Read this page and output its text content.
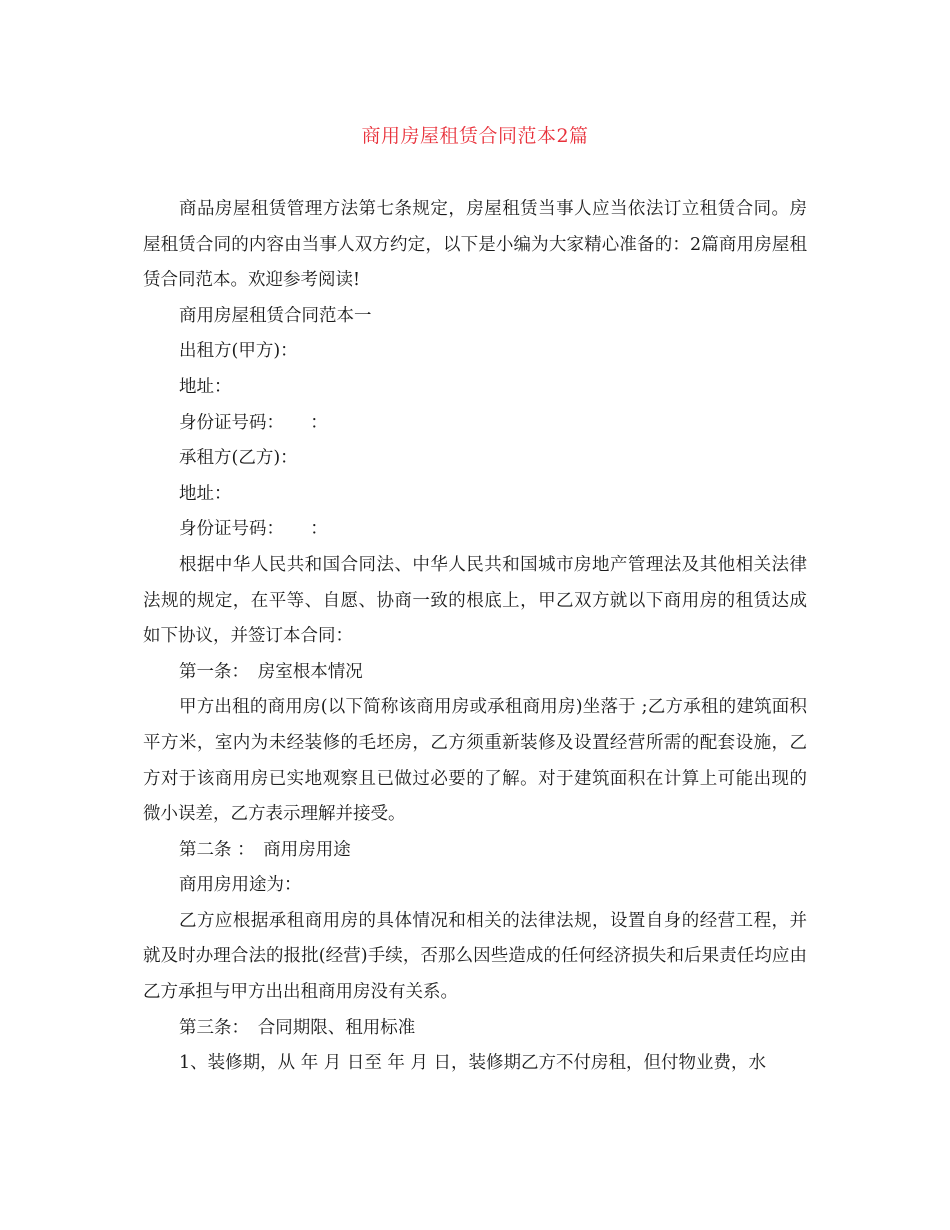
商用房屋租赁合同范本2篇

商品房屋租赁管理方法第七条规定，房屋租赁当事人应当依法订立租赁合同。房屋租赁合同的内容由当事人双方约定，以下是小编为大家精心准备的：2篇商用房屋租赁合同范本。欢迎参考阅读!

商用房屋租赁合同范本一

出租方(甲方)：

地址：

身份证号码：　　：

承租方(乙方)：

地址：

身份证号码：　　：

根据中华人民共和国合同法、中华人民共和国城市房地产管理法及其他相关法律法规的规定，在平等、自愿、协商一致的根底上，甲乙双方就以下商用房的租赁达成如下协议，并签订本合同：

第一条：　房室根本情况

甲方出租的商用房(以下简称该商用房或承租商用房)坐落于 ;乙方承租的建筑面积 平方米，室内为未经装修的毛坯房，乙方须重新装修及设置经营所需的配套设施，乙方对于该商用房已实地观察且已做过必要的了解。对于建筑面积在计算上可能出现的微小误差，乙方表示理解并接受。

第二条 ：　商用房用途

商用房用途为：

乙方应根据承租商用房的具体情况和相关的法律法规，设置自身的经营工程，并就及时办理合法的报批(经营)手续，否那么因些造成的任何经济损失和后果责任均应由乙方承担与甲方出出租商用房没有关系。

第三条：　合同期限、租用标准

1、装修期，从 年 月 日至 年 月 日，装修期乙方不付房租，但付物业费，水
